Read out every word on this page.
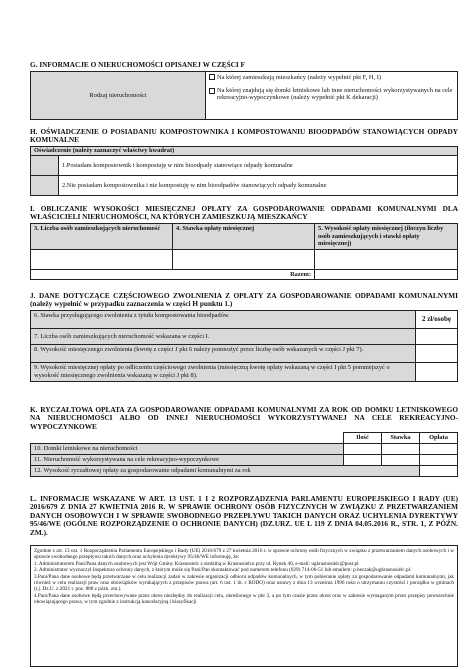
G. INFORMACJE O NIERUCHOMOŚCI OPISANEJ W CZĘŚCI F
Rodzaj nieruchomości	
Na której zamieszkują mieszkańcy (należy wypełnić pkt F, H, I)
Na której znajdują się domki letniskowe lub inne nieruchomości wykorzystywanych na cele rekreacyjno-wypoczynkowe (należy wypełnić pkt K dekaracji)
H. OŚWIADCZENIE O POSIADANIU KOMPOSTOWNIKA I KOMPOSTOWANIU BIOODPADÓW STANOWIĄCYCH ODPADY KOMUNALNE
Oświadczenie (należy zaznaczyć właściwy kwadrat)	
	1.Posiadam kompostownik i kompostuję w nim bioodpady stanowiące odpady komunalne
	2.Nie posiadam kompostownika i nie kompostuję w nim bioodpadów stanowiących odpady komunalne
I. OBLICZANIE WYSOKOŚCI MIESIĘCZNEJ OPŁATY ZA GOSPODAROWANIE ODPADAMI KOMUNALNYMI DLA WŁAŚCICIELI NIERUCHOMOŚCI, NA KTÓRYCH ZAMIESZKUJĄ MIESZKAŃCY
3. Liczba osób zamieszkujących nieruchomość	4. Stawka opłaty miesięcznej	5. Wysokość opłaty miesięcznej (iloczyn liczby osób zamieszkujących i stawki opłaty miesięcznej)

	Razem:	
J. DANE DOTYCZĄCE CZĘŚCIOWEGO ZWOLNIENIA Z OPŁATY ZA GOSPODAROWANIE ODPADAMI KOMUNALNYMI (należy wypełnić w przypadku zaznaczenia w części H punktu 1.)
6. Stawka przysługującego zwolnienia z tytułu kompostowania bioodpadów.	2 zł/osobę
7. Liczba osób zamieszkujących nieruchomość wskazana w części I.	
8. Wysokość miesięcznego zwolnienia (kwotę z części J pkt 6 należy pomnożyć przez liczbę osób wskazanych w części J pkt 7).	
9. Wysokość miesięcznej opłaty po odliczeniu częściowego zwolnienia (miesięczną kwotę opłaty wskazaną w części I pkt 5 pomniejszyć o wysokość miesięcznego zwolnienia wskazaną w części J pkt 8).	
K. RYCZAŁTOWA OPŁATA ZA GOSPODAROWANIE ODPADAMI KOMUNALNYMI ZA ROK OD DOMKU LETNISKOWEGO NA NIERUCHOMOŚCI ALBO OD INNEJ NIERUCHOMOŚCI WYKORZYSTYWANEJ NA CELE REKREACYJNO-WYPOCZYNKOWE
	Ilość	Stawka	Opłata
10. Domki letniskowe na nieruchomości			
11. Nieruchomość wykorzystywana na cele rekreacyjno-wypoczynkowe			
12. Wysokość ryczałtowej opłaty za gospodarowanie odpadami komunalnymi za rok			
L. INFORMACJE WSKAZANE W ART. 13 UST. 1 I 2 ROZPORZĄDZENIA PARLAMENTU EUROPEJSKIEGO I RADY (UE) 2016/679 Z DNIA 27 KWIETNIA 2016 R. W SPRAWIE OCHRONY OSÓB FIZYCZNYCH W ZWIĄZKU Z PRZETWARZANIEM DANYCH OSOBOWYCH I W SPRAWIE SWOBODNEGO PRZEPŁYWU TAKICH DANYCH ORAZ UCHYLENIA DYREKTYWY 95/46/WE (OGÓLNE ROZPORZĄDZENIE O OCHRONIE DANYCH) (DZ.URZ. UE L 119 Z DNIA 04.05.2016 R., STR. 1, Z PÓŹN. ZM.).

Zgodnie z art. 13 ust. 1 Rozporządzenia Parlamentu Europejskiego i Rady (UE) 2016/679 z 27 kwietnia 2016 r. w sprawie ochrony osób fizycznych w związku z przetwarzaniem danych osobowych i w sprawie swobodnego przepływu takich danych oraz uchylenia dyrektywy 95/46/WE informuję, że:

1. Administratorem Pani/Pana danych osobowych jest Wójt Gminy Krasnosielc z siedzibą w Krasnosielcu przy ul. Rynek 40, e-mail: ugkrasnosielc@post.pl

2. Administrator wyznaczył Inspektora ochrony danych, z którym może się Pani/Pan skontaktować pod numerem telefonu (029) 714-00-51 lub emailem: p.beczak@ugkrasnosielc.pl.

3.Pani/Pana dane osobowe będą przetwarzane w celu realizacji zadań w zakresie organizacji odbioru odpadów komunalnych, w tym pobieranie opłaty za gospodarowanie odpadami komunalnymi, jak również w celu realizacji praw oraz obowiązków wynikających z przepisów prawa (art. 6 ust. 1 lit. c RODO) oraz ustawy z dnia 13 września 1996 roku o utrzymaniu czystości i porządku w gminach (t.j. Dz.U. z 2021 r. poz. 888 z późn. zm.).

4.Pani/Pana dane osobowe będą przechowywane przez okres niezbędny do realizacji celu, określonego w pkt 3, a po tym czasie przez okres oraz w zakresie wymaganym przez przepisy powszechnie obowiązującego prawa, w tym zgodnie z instrukcją kancelaryjną i klasyfikacji
